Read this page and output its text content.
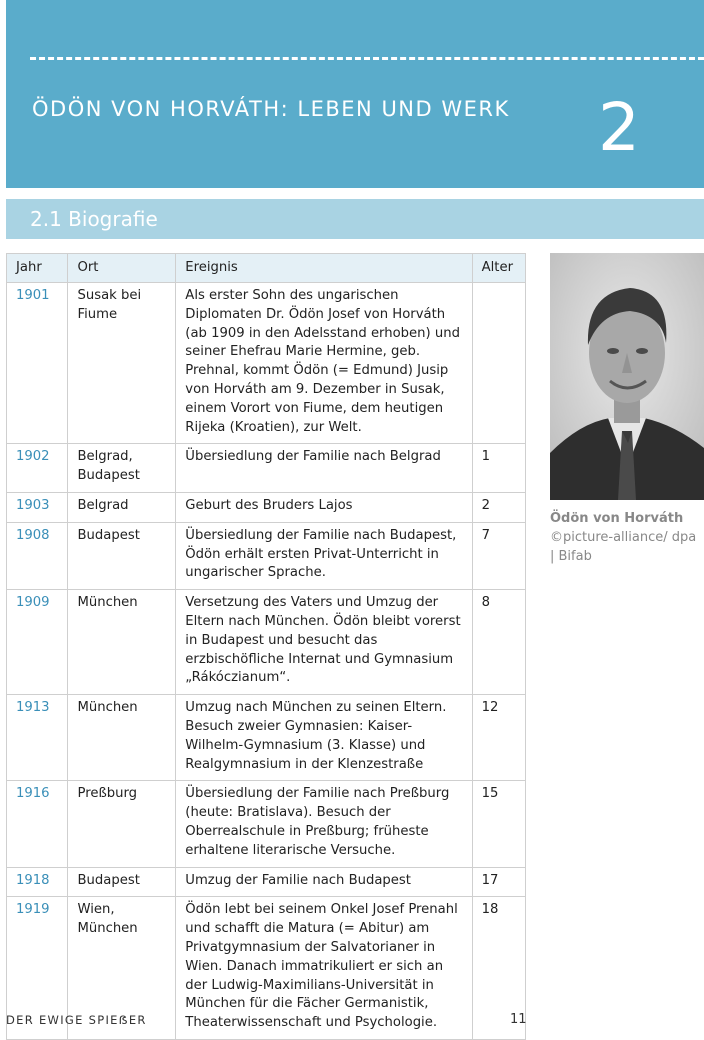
ÖDÖN VON HORVÁTH: LEBEN UND WERK 2
2.1 Biografie
Jahr	Ort	Ereignis	Alter
1901	Susak bei Fiume	Als erster Sohn des ungarischen Diplomaten Dr. Ödön Josef von Horváth (ab 1909 in den Adelsstand erhoben) und seiner Ehefrau Marie Hermine, geb. Prehnal, kommt Ödön (= Edmund) Jusip von Horváth am 9. Dezember in Susak, einem Vorort von Fiume, dem heutigen Rijeka (Kroatien), zur Welt.	
1902	Belgrad, Budapest	Übersiedlung der Familie nach Belgrad	1
1903	Belgrad	Geburt des Bruders Lajos	2
1908	Budapest	Übersiedlung der Familie nach Budapest, Ödön erhält ersten Privat-Unterricht in ungarischer Sprache.	7
1909	München	Versetzung des Vaters und Umzug der Eltern nach München. Ödön bleibt vorerst in Budapest und besucht das erzbischöfliche Internat und Gymnasium „Rákóczianum“.	8
1913	München	Umzug nach München zu seinen Eltern. Besuch zweier Gymnasien: Kaiser-Wilhelm-Gymnasium (3. Klasse) und Realgymnasium in der Klenzestraße	12
1916	Preßburg	Übersiedlung der Familie nach Preßburg (heute: Bratislava). Besuch der Oberrealschule in Preßburg; früheste erhaltene literarische Versuche.	15
1918	Budapest	Umzug der Familie nach Budapest	17
1919	Wien, München	Ödön lebt bei seinem Onkel Josef Prenahl und schafft die Matura (= Abitur) am Privatgymnasium der Salvatorianer in Wien. Danach immatrikuliert er sich an der Ludwig-Maximilians-Universität in München für die Fächer Germanistik, Theaterwissenschaft und Psychologie.	18
Ödön von Horváth
©picture-alliance/ dpa | Bifab
DER EWIGE SPIEẞER	11
